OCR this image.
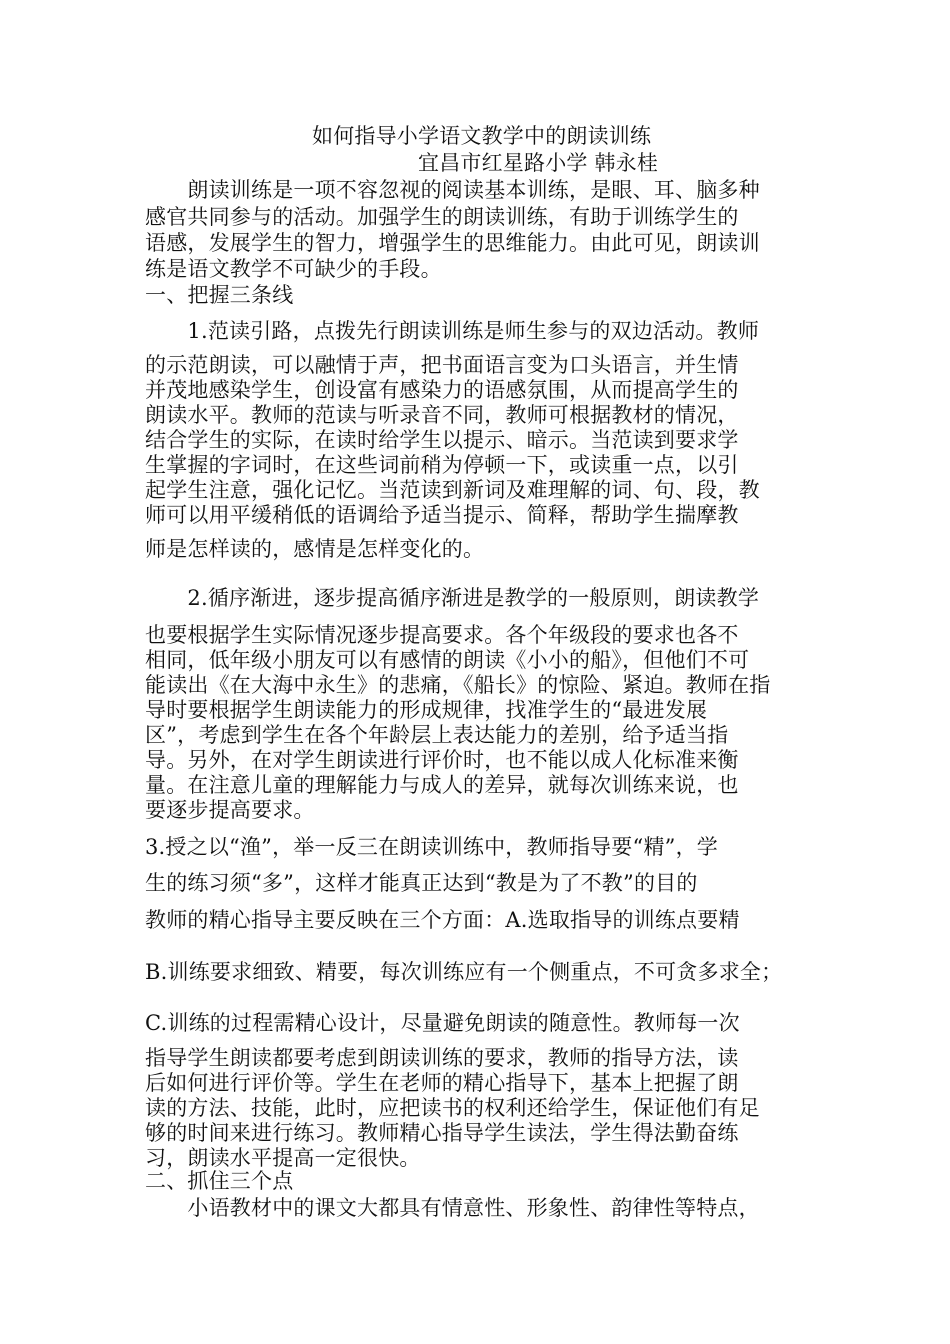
如何指导小学语文教学中的朗读训练

宜昌市红星路小学 韩永桂

　　朗读训练是一项不容忽视的阅读基本训练，是眼、耳、脑多种

感官共同参与的活动。加强学生的朗读训练，有助于训练学生的

语感，发展学生的智力，增强学生的思维能力。由此可见，朗读训

练是语文教学不可缺少的手段。

一、把握三条线

　　1.范读引路，点拨先行朗读训练是师生参与的双边活动。教师

的示范朗读，可以融情于声，把书面语言变为口头语言，并生情

并茂地感染学生，创设富有感染力的语感氛围，从而提高学生的

朗读水平。教师的范读与听录音不同，教师可根据教材的情况，

结合学生的实际，在读时给学生以提示、暗示。当范读到要求学

生掌握的字词时，在这些词前稍为停顿一下，或读重一点，以引

起学生注意，强化记忆。当范读到新词及难理解的词、句、段，教

师可以用平缓稍低的语调给予适当提示、简释，帮助学生揣摩教

师是怎样读的，感情是怎样变化的。

　　2.循序渐进，逐步提高循序渐进是教学的一般原则，朗读教学

也要根据学生实际情况逐步提高要求。各个年级段的要求也各不

相同，低年级小朋友可以有感情的朗读《小小的船》，但他们不可

能读出《在大海中永生》的悲痛，《船长》的惊险、紧迫。教师在指

导时要根据学生朗读能力的形成规律，找准学生的“最进发展

区”，考虑到学生在各个年龄层上表达能力的差别，给予适当指

导。另外，在对学生朗读进行评价时，也不能以成人化标准来衡

量。在注意儿童的理解能力与成人的差异，就每次训练来说，也

要逐步提高要求。

3.授之以“渔”，举一反三在朗读训练中，教师指导要“精”，学

生的练习须“多”，这样才能真正达到“教是为了不教”的目的

教师的精心指导主要反映在三个方面：A.选取指导的训练点要精

B.训练要求细致、精要，每次训练应有一个侧重点，不可贪多求全；

C.训练的过程需精心设计，尽量避免朗读的随意性。教师每一次

指导学生朗读都要考虑到朗读训练的要求，教师的指导方法，读

后如何进行评价等。学生在老师的精心指导下，基本上把握了朗

读的方法、技能，此时，应把读书的权利还给学生，保证他们有足

够的时间来进行练习。教师精心指导学生读法，学生得法勤奋练

习，朗读水平提高一定很快。

二、抓住三个点

　　小语教材中的课文大都具有情意性、形象性、韵律性等特点，
